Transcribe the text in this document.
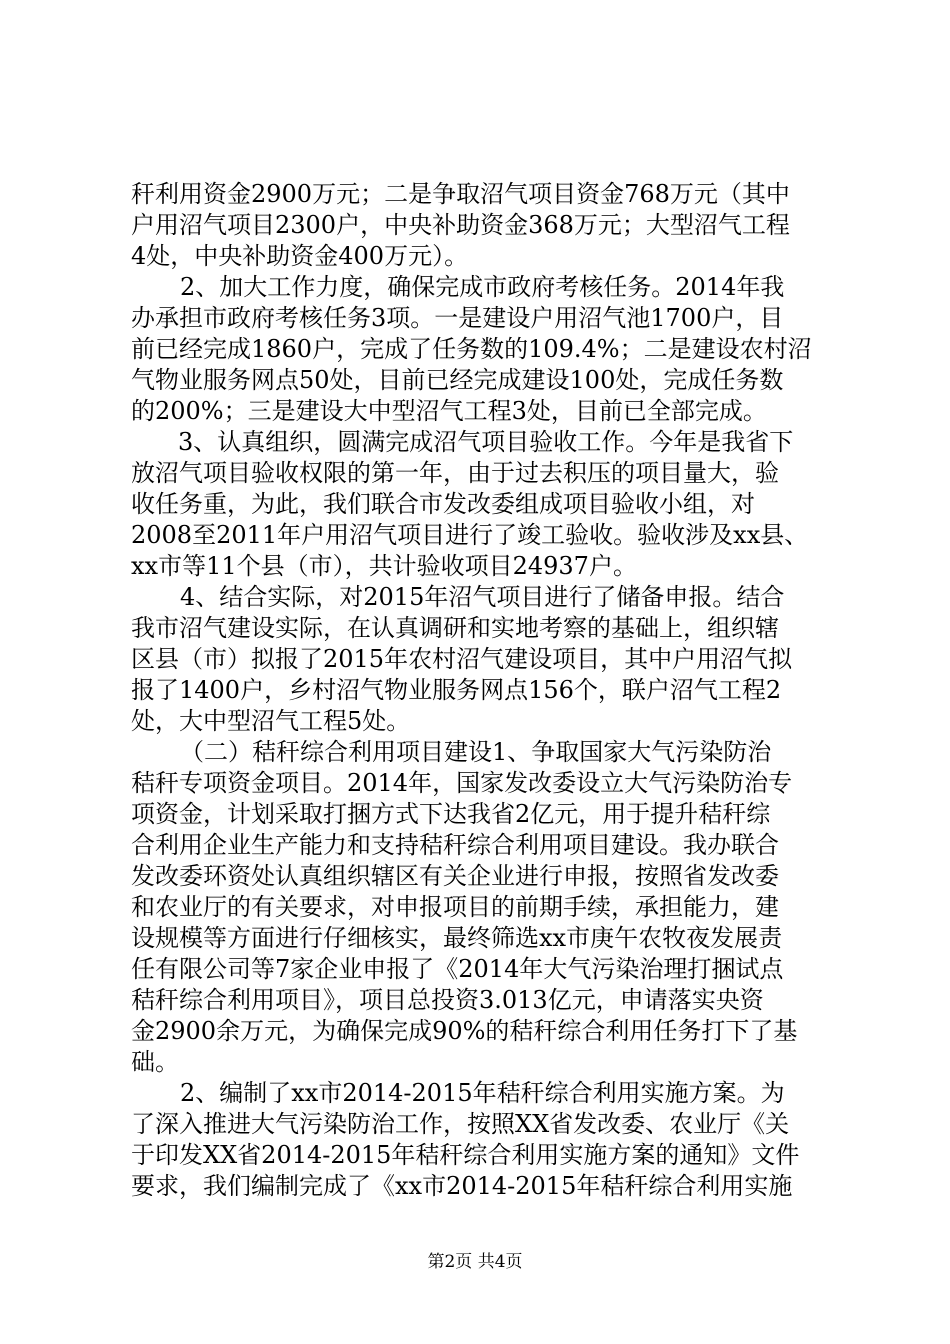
秆利用资金2900万元；二是争取沼气项目资金768万元（其中
户用沼气项目2300户，中央补助资金368万元；大型沼气工程
4处，中央补助资金400万元）。
2、加大工作力度，确保完成市政府考核任务。2014年我
办承担市政府考核任务3项。一是建设户用沼气池1700户，目
前已经完成1860户，完成了任务数的109.4%；二是建设农村沼
气物业服务网点50处，目前已经完成建设100处，完成任务数
的200%；三是建设大中型沼气工程3处，目前已全部完成。
3、认真组织，圆满完成沼气项目验收工作。今年是我省下
放沼气项目验收权限的第一年，由于过去积压的项目量大，验
收任务重，为此，我们联合市发改委组成项目验收小组，对
2008至2011年户用沼气项目进行了竣工验收。验收涉及xx县、
xx市等11个县（市），共计验收项目24937户。
4、结合实际，对2015年沼气项目进行了储备申报。结合
我市沼气建设实际，在认真调研和实地考察的基础上，组织辖
区县（市）拟报了2015年农村沼气建设项目，其中户用沼气拟
报了1400户，乡村沼气物业服务网点156个，联户沼气工程2
处，大中型沼气工程5处。
（二）秸秆综合利用项目建设1、争取国家大气污染防治
秸秆专项资金项目。2014年，国家发改委设立大气污染防治专
项资金，计划采取打捆方式下达我省2亿元，用于提升秸秆综
合利用企业生产能力和支持秸秆综合利用项目建设。我办联合
发改委环资处认真组织辖区有关企业进行申报，按照省发改委
和农业厅的有关要求，对申报项目的前期手续，承担能力，建
设规模等方面进行仔细核实，最终筛选xx市庚午农牧夜发展责
任有限公司等7家企业申报了《2014年大气污染治理打捆试点
秸秆综合利用项目》，项目总投资3.013亿元，申请落实央资
金2900余万元，为确保完成90%的秸秆综合利用任务打下了基
础。
2、编制了xx市2014-2015年秸秆综合利用实施方案。为
了深入推进大气污染防治工作，按照XX省发改委、农业厅《关
于印发XX省2014-2015年秸秆综合利用实施方案的通知》文件
要求，我们编制完成了《xx市2014-2015年秸秆综合利用实施
第2页 共4页
